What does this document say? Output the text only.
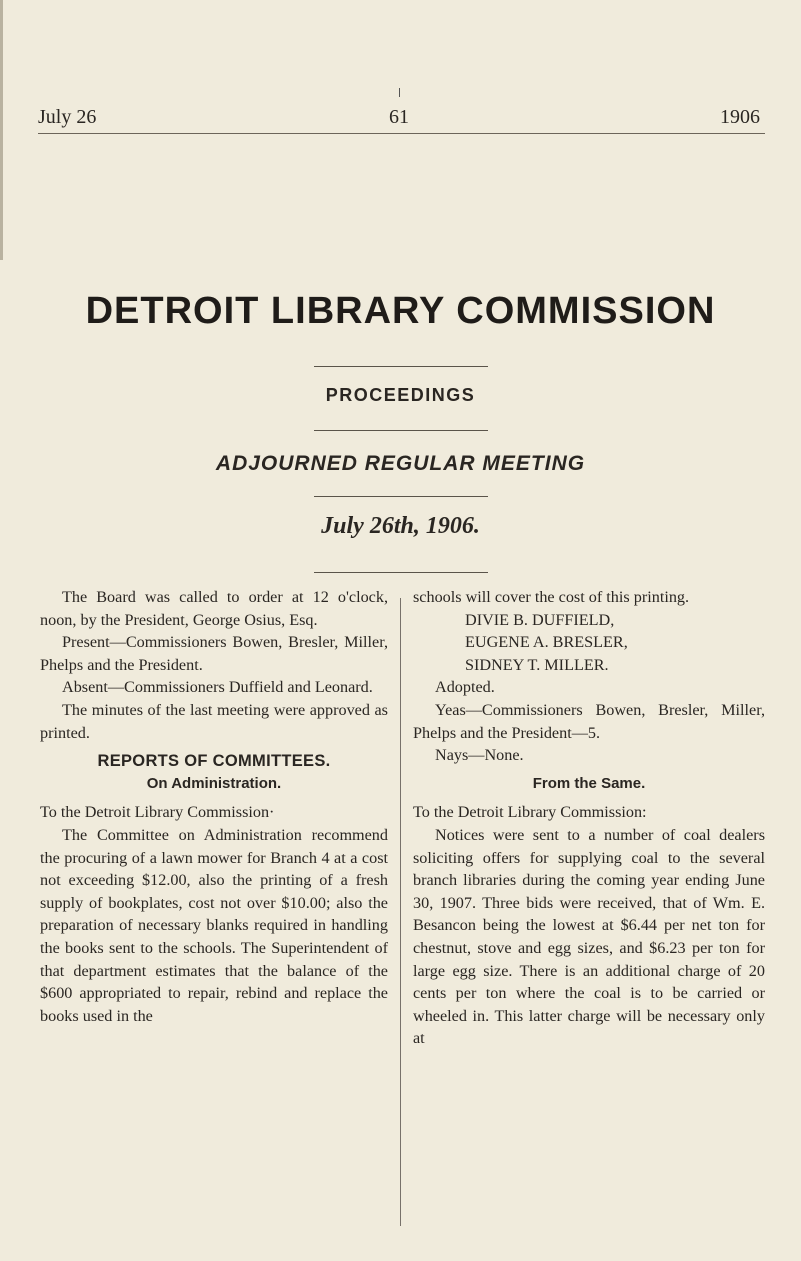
July 26	61	1906
DETROIT LIBRARY COMMISSION
PROCEEDINGS
ADJOURNED REGULAR MEETING
July 26th, 1906.

The Board was called to order at 12 o'clock, noon, by the President, George Osius, Esq.

Present—Commissioners Bowen, Bresler, Miller, Phelps and the President.

Absent—Commissioners Duffield and Leonard.

The minutes of the last meeting were approved as printed.

REPORTS OF COMMITTEES.

On Administration.

To the Detroit Library Commission·

The Committee on Administration recommend the procuring of a lawn mower for Branch 4 at a cost not exceeding $12.00, also the printing of a fresh supply of bookplates, cost not over $10.00; also the preparation of necessary blanks required in handling the books sent to the schools. The Superintendent of that department estimates that the balance of the $600 appropriated to repair, rebind and replace the books used in the

schools will cover the cost of this printing.

DIVIE B. DUFFIELD,

EUGENE A. BRESLER,

SIDNEY T. MILLER.

Adopted.

Yeas—Commissioners Bowen, Bresler, Miller, Phelps and the President—5.

Nays—None.

From the Same.

To the Detroit Library Commission:

Notices were sent to a number of coal dealers soliciting offers for supplying coal to the several branch libraries during the coming year ending June 30, 1907. Three bids were received, that of Wm. E. Besancon being the lowest at $6.44 per net ton for chestnut, stove and egg sizes, and $6.23 per ton for large egg size. There is an additional charge of 20 cents per ton where the coal is to be carried or wheeled in. This latter charge will be necessary only at
